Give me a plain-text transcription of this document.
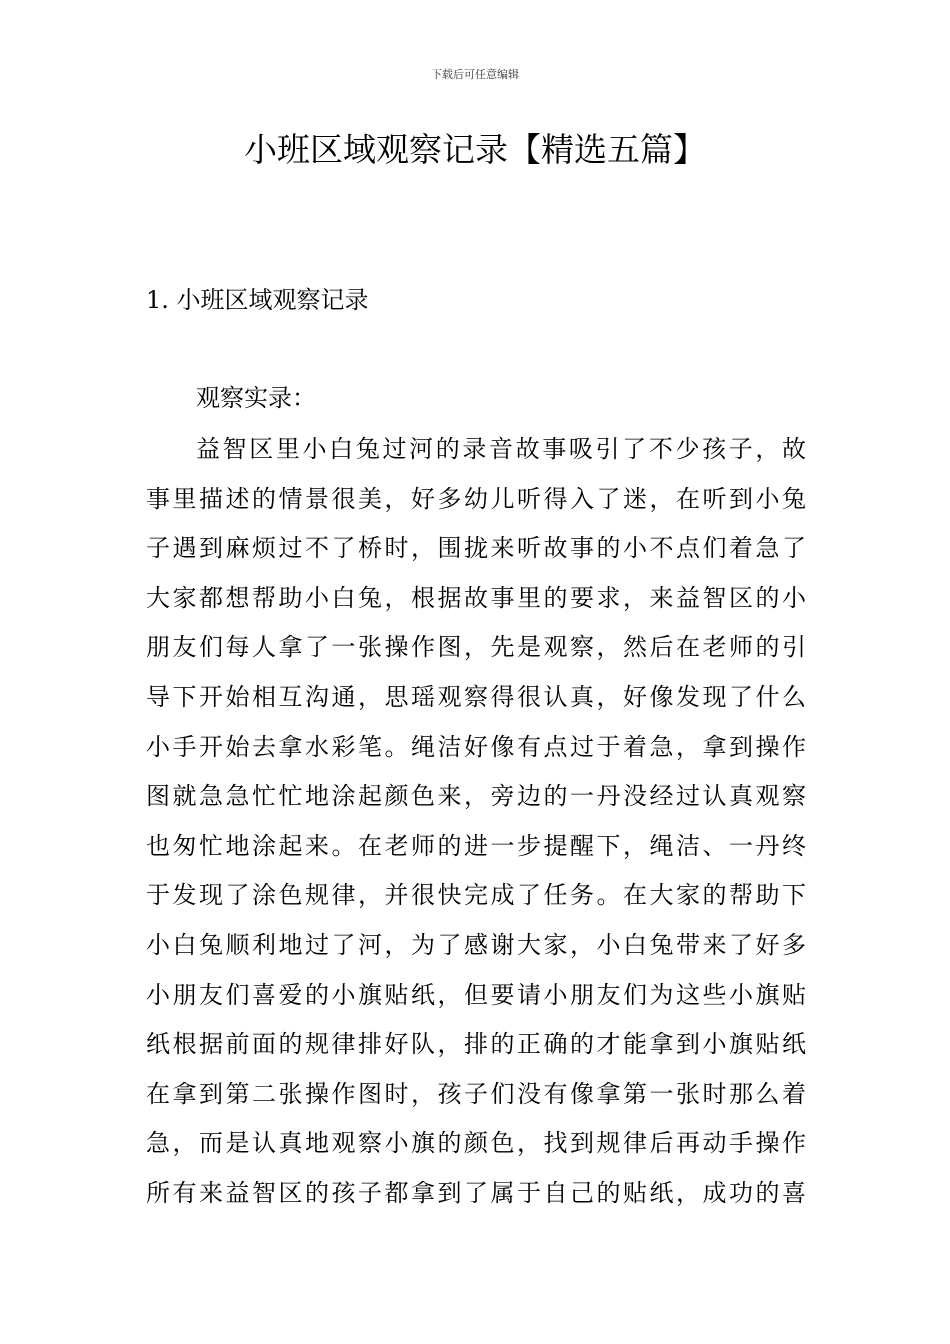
下载后可任意编辑
小班区域观察记录【精选五篇】
1. 小班区域观察记录
观察实录：
益智区里小白兔过河的录音故事吸引了不少孩子，故
事里描述的情景很美，好多幼儿听得入了迷，在听到小兔
子遇到麻烦过不了桥时，围拢来听故事的小不点们着急了
大家都想帮助小白兔，根据故事里的要求，来益智区的小
朋友们每人拿了一张操作图，先是观察，然后在老师的引
导下开始相互沟通，思瑶观察得很认真，好像发现了什么
小手开始去拿水彩笔。绳洁好像有点过于着急，拿到操作
图就急急忙忙地涂起颜色来，旁边的一丹没经过认真观察
也匆忙地涂起来。在老师的进一步提醒下，绳洁、一丹终
于发现了涂色规律，并很快完成了任务。在大家的帮助下
小白兔顺利地过了河，为了感谢大家，小白兔带来了好多
小朋友们喜爱的小旗贴纸，但要请小朋友们为这些小旗贴
纸根据前面的规律排好队，排的正确的才能拿到小旗贴纸
在拿到第二张操作图时，孩子们没有像拿第一张时那么着
急，而是认真地观察小旗的颜色，找到规律后再动手操作
所有来益智区的孩子都拿到了属于自己的贴纸，成功的喜
